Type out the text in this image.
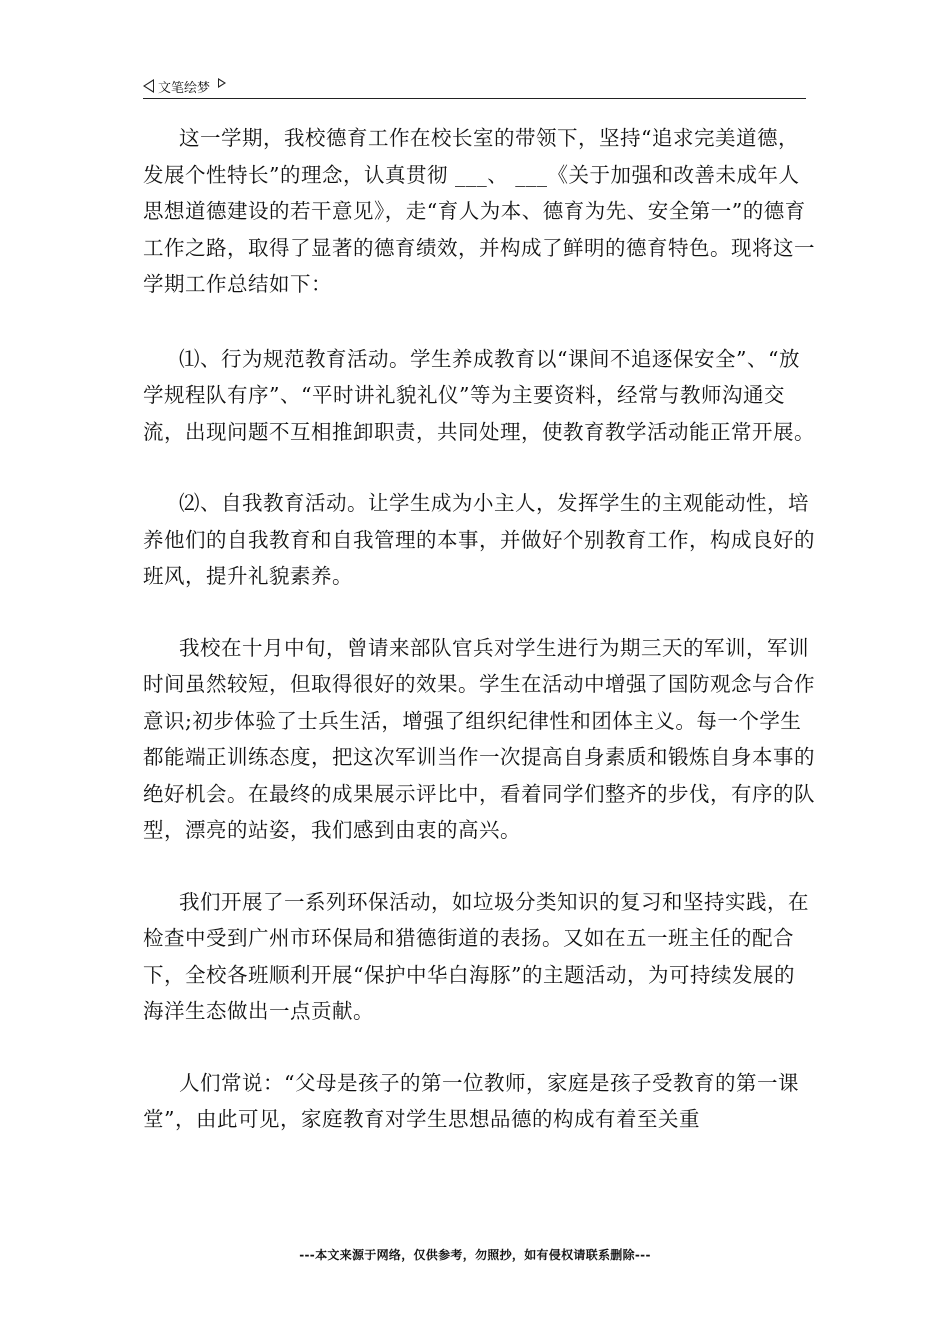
文笔绘梦

这一学期，我校德育工作在校长室的带领下，坚持“追求完美道德，发展个性特长”的理念，认真贯彻 ___、 ___《关于加强和改善未成年人思想道德建设的若干意见》，走“育人为本、德育为先、安全第一”的德育工作之路，取得了显著的德育绩效，并构成了鲜明的德育特色。现将这一学期工作总结如下：

⑴、行为规范教育活动。学生养成教育以“课间不追逐保安全”、“放学规程队有序”、“平时讲礼貌礼仪”等为主要资料，经常与教师沟通交流，出现问题不互相推卸职责，共同处理，使教育教学活动能正常开展。

⑵、自我教育活动。让学生成为小主人，发挥学生的主观能动性，培养他们的自我教育和自我管理的本事，并做好个别教育工作，构成良好的班风，提升礼貌素养。

我校在十月中旬，曾请来部队官兵对学生进行为期三天的军训，军训时间虽然较短，但取得很好的效果。学生在活动中增强了国防观念与合作意识;初步体验了士兵生活，增强了组织纪律性和团体主义。每一个学生都能端正训练态度，把这次军训当作一次提高自身素质和锻炼自身本事的绝好机会。在最终的成果展示评比中，看着同学们整齐的步伐，有序的队型，漂亮的站姿，我们感到由衷的高兴。

我们开展了一系列环保活动，如垃圾分类知识的复习和坚持实践，在检查中受到广州市环保局和猎德街道的表扬。又如在五一班主任的配合下，全校各班顺利开展“保护中华白海豚”的主题活动，为可持续发展的海洋生态做出一点贡献。

人们常说：“父母是孩子的第一位教师，家庭是孩子受教育的第一课堂”，由此可见，家庭教育对学生思想品德的构成有着至关重

---本文来源于网络，仅供参考，勿照抄，如有侵权请联系删除---
